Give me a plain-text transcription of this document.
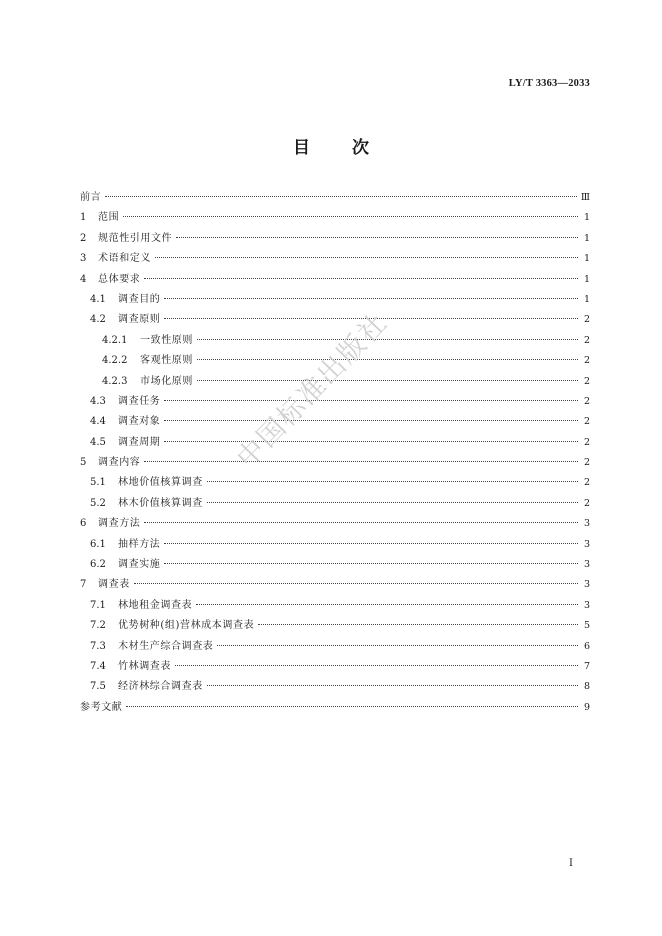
LY/T 3363—2033
目 次
前言	Ⅲ
1	范围	1
2	规范性引用文件	1
3	术语和定义	1
4	总体要求	1
4.1	调查目的	1
4.2	调查原则	2
4.2.1	一致性原则	2
4.2.2	客观性原则	2
4.2.3	市场化原则	2
4.3	调查任务	2
4.4	调查对象	2
4.5	调查周期	2
5	调查内容	2
5.1	林地价值核算调查	2
5.2	林木价值核算调查	2
6	调查方法	3
6.1	抽样方法	3
6.2	调查实施	3
7	调查表	3
7.1	林地租金调查表	3
7.2	优势树种(组)营林成本调查表	5
7.3	木材生产综合调查表	6
7.4	竹林调查表	7
7.5	经济林综合调查表	8
参考文献	9
中国标准出版社
I
